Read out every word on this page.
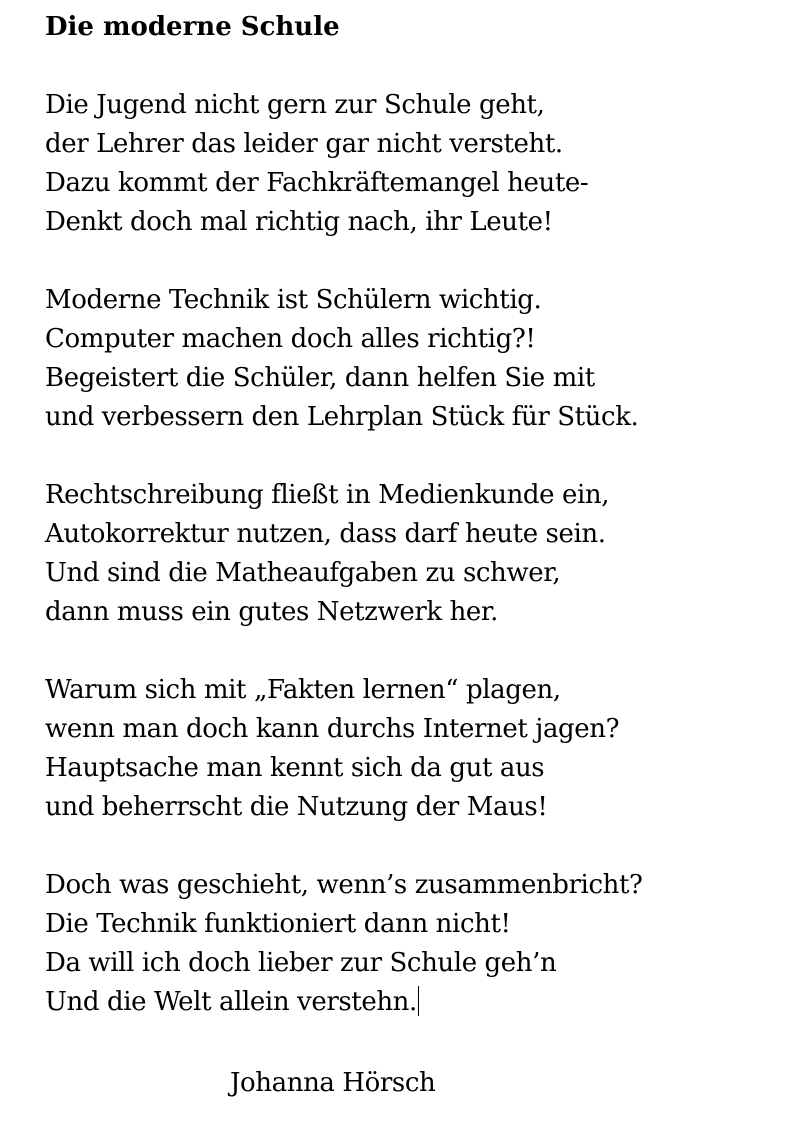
Die moderne Schule
Die Jugend nicht gern zur Schule geht,
der Lehrer das leider gar nicht versteht.
Dazu kommt der Fachkräftemangel heute-
Denkt doch mal richtig nach, ihr Leute!
Moderne Technik ist Schülern wichtig.
Computer machen doch alles richtig?!
Begeistert die Schüler, dann helfen Sie mit
und verbessern den Lehrplan Stück für Stück.
Rechtschreibung fließt in Medienkunde ein,
Autokorrektur nutzen, dass darf heute sein.
Und sind die Matheaufgaben zu schwer,
dann muss ein gutes Netzwerk her.
Warum sich mit „Fakten lernen“ plagen,
wenn man doch kann durchs Internet jagen?
Hauptsache man kennt sich da gut aus
und beherrscht die Nutzung der Maus!
Doch was geschieht, wenn’s zusammenbricht?
Die Technik funktioniert dann nicht!
Da will ich doch lieber zur Schule geh’n
Und die Welt allein verstehn.
Johanna Hörsch
